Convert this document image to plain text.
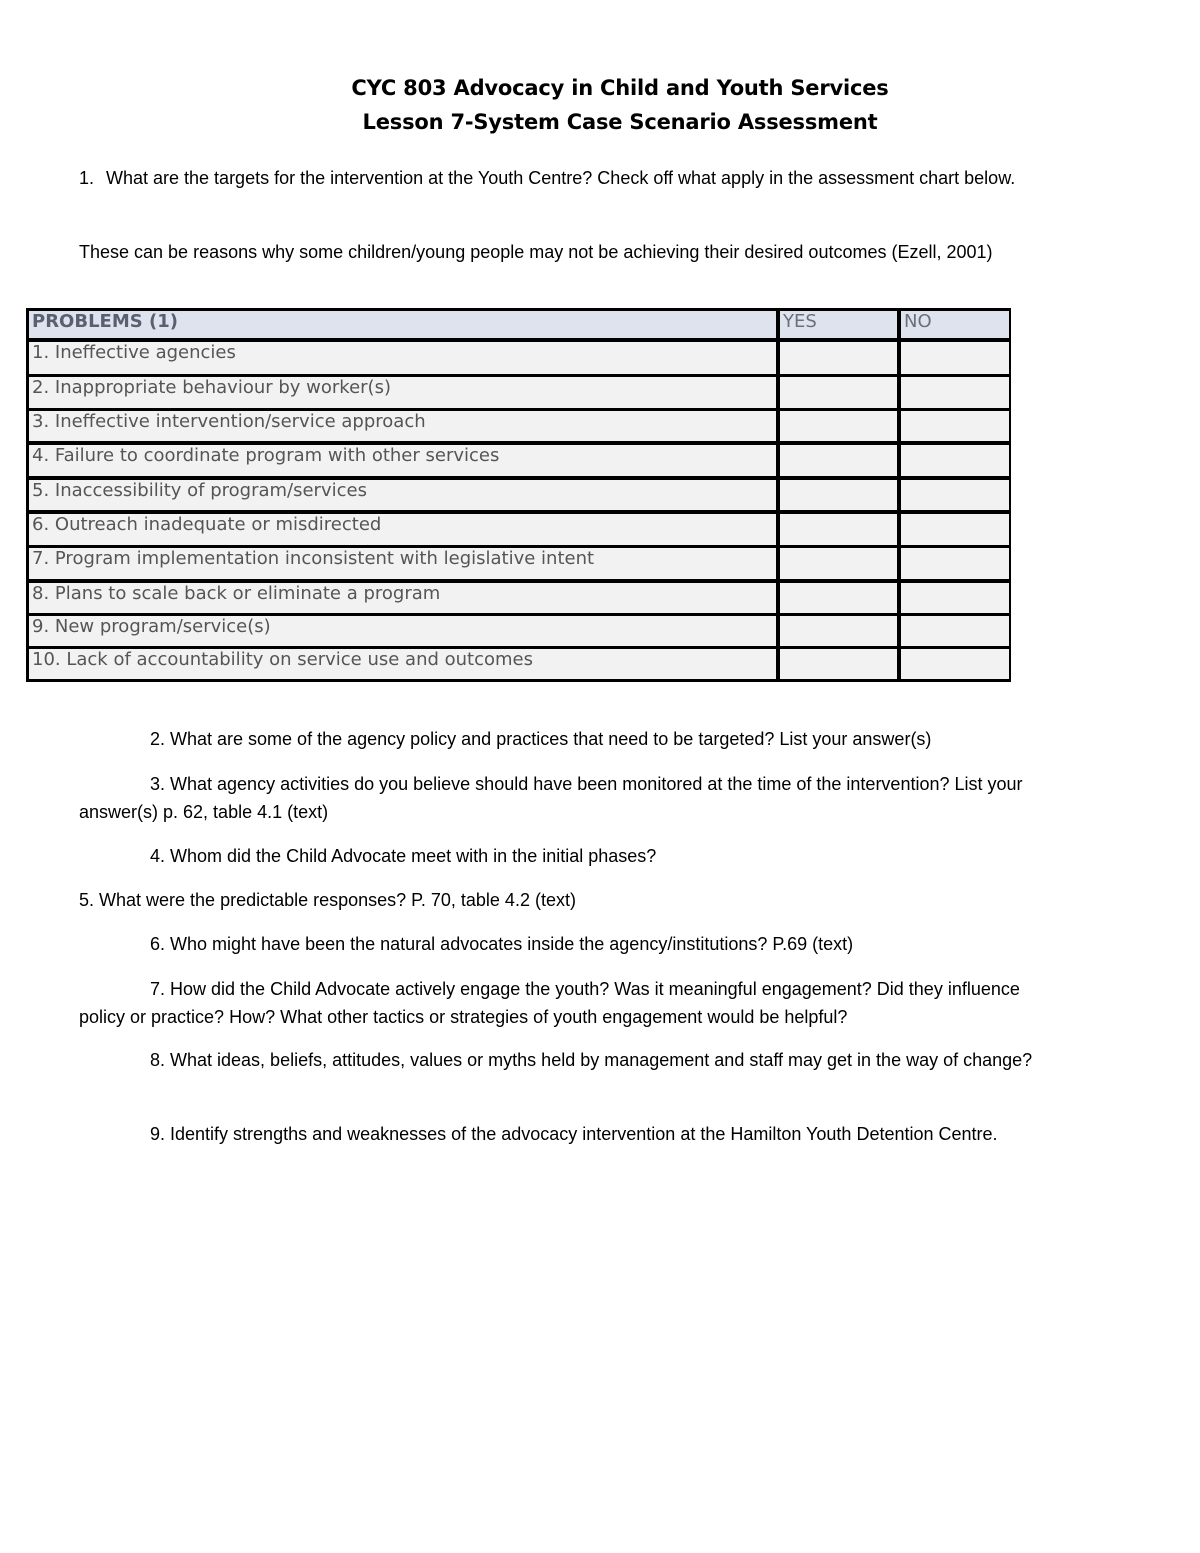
CYC 803 Advocacy in Child and Youth Services
Lesson 7-System Case Scenario Assessment
1. What are the targets for the intervention at the Youth Centre? Check off what apply in the assessment chart below.
These can be reasons why some children/young people may not be achieving their desired outcomes (Ezell, 2001)
PROBLEMS (1)	YES	NO
1. Ineffective agencies
2. Inappropriate behaviour by worker(s)
3. Ineffective intervention/service approach
4. Failure to coordinate program with other services
5. Inaccessibility of program/services
6. Outreach inadequate or misdirected
7. Program implementation inconsistent with legislative intent
8. Plans to scale back or eliminate a program
9. New program/service(s)
10. Lack of accountability on service use and outcomes
2. What are some of the agency policy and practices that need to be targeted? List your answer(s)
3. What agency activities do you believe should have been monitored at the time of the intervention? List your answer(s) p. 62, table 4.1 (text)
4. Whom did the Child Advocate meet with in the initial phases?
5. What were the predictable responses? P. 70, table 4.2 (text)
6. Who might have been the natural advocates inside the agency/institutions? P.69 (text)
7. How did the Child Advocate actively engage the youth? Was it meaningful engagement? Did they influence policy or practice? How? What other tactics or strategies of youth engagement would be helpful?
8. What ideas, beliefs, attitudes, values or myths held by management and staff may get in the way of change?
9. Identify strengths and weaknesses of the advocacy intervention at the Hamilton Youth Detention Centre.
